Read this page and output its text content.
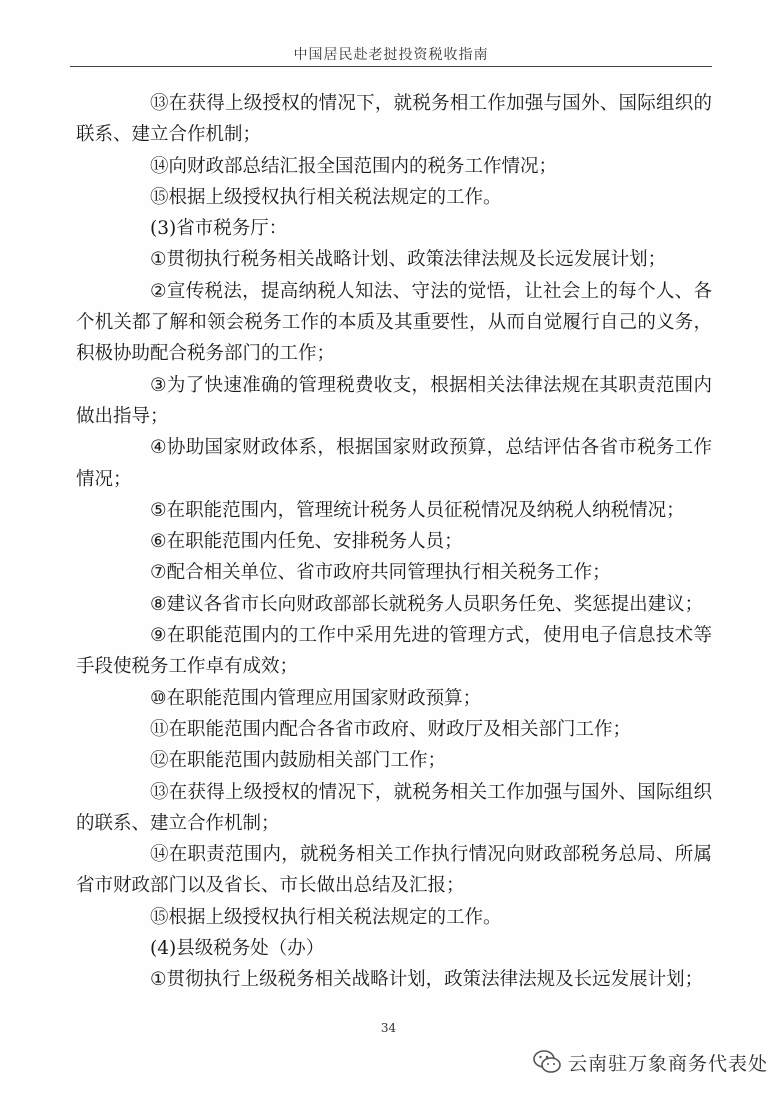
中国居民赴老挝投资税收指南

⑬在获得上级授权的情况下，就税务相工作加强与国外、国际组织的联系、建立合作机制；

⑭向财政部总结汇报全国范围内的税务工作情况；

⑮根据上级授权执行相关税法规定的工作。

(3)省市税务厅：

①贯彻执行税务相关战略计划、政策法律法规及长远发展计划；

②宣传税法，提高纳税人知法、守法的觉悟，让社会上的每个人、各个机关都了解和领会税务工作的本质及其重要性，从而自觉履行自己的义务，积极协助配合税务部门的工作；

③为了快速准确的管理税费收支，根据相关法律法规在其职责范围内做出指导；

④协助国家财政体系，根据国家财政预算，总结评估各省市税务工作情况；

⑤在职能范围内，管理统计税务人员征税情况及纳税人纳税情况；

⑥在职能范围内任免、安排税务人员；

⑦配合相关单位、省市政府共同管理执行相关税务工作；

⑧建议各省市长向财政部部长就税务人员职务任免、奖惩提出建议；

⑨在职能范围内的工作中采用先进的管理方式，使用电子信息技术等手段使税务工作卓有成效；

⑩在职能范围内管理应用国家财政预算；

⑪在职能范围内配合各省市政府、财政厅及相关部门工作；

⑫在职能范围内鼓励相关部门工作；

⑬在获得上级授权的情况下，就税务相关工作加强与国外、国际组织的联系、建立合作机制；

⑭在职责范围内，就税务相关工作执行情况向财政部税务总局、所属省市财政部门以及省长、市长做出总结及汇报；

⑮根据上级授权执行相关税法规定的工作。

(4)县级税务处（办）

①贯彻执行上级税务相关战略计划，政策法律法规及长远发展计划；

34
云南驻万象商务代表处
